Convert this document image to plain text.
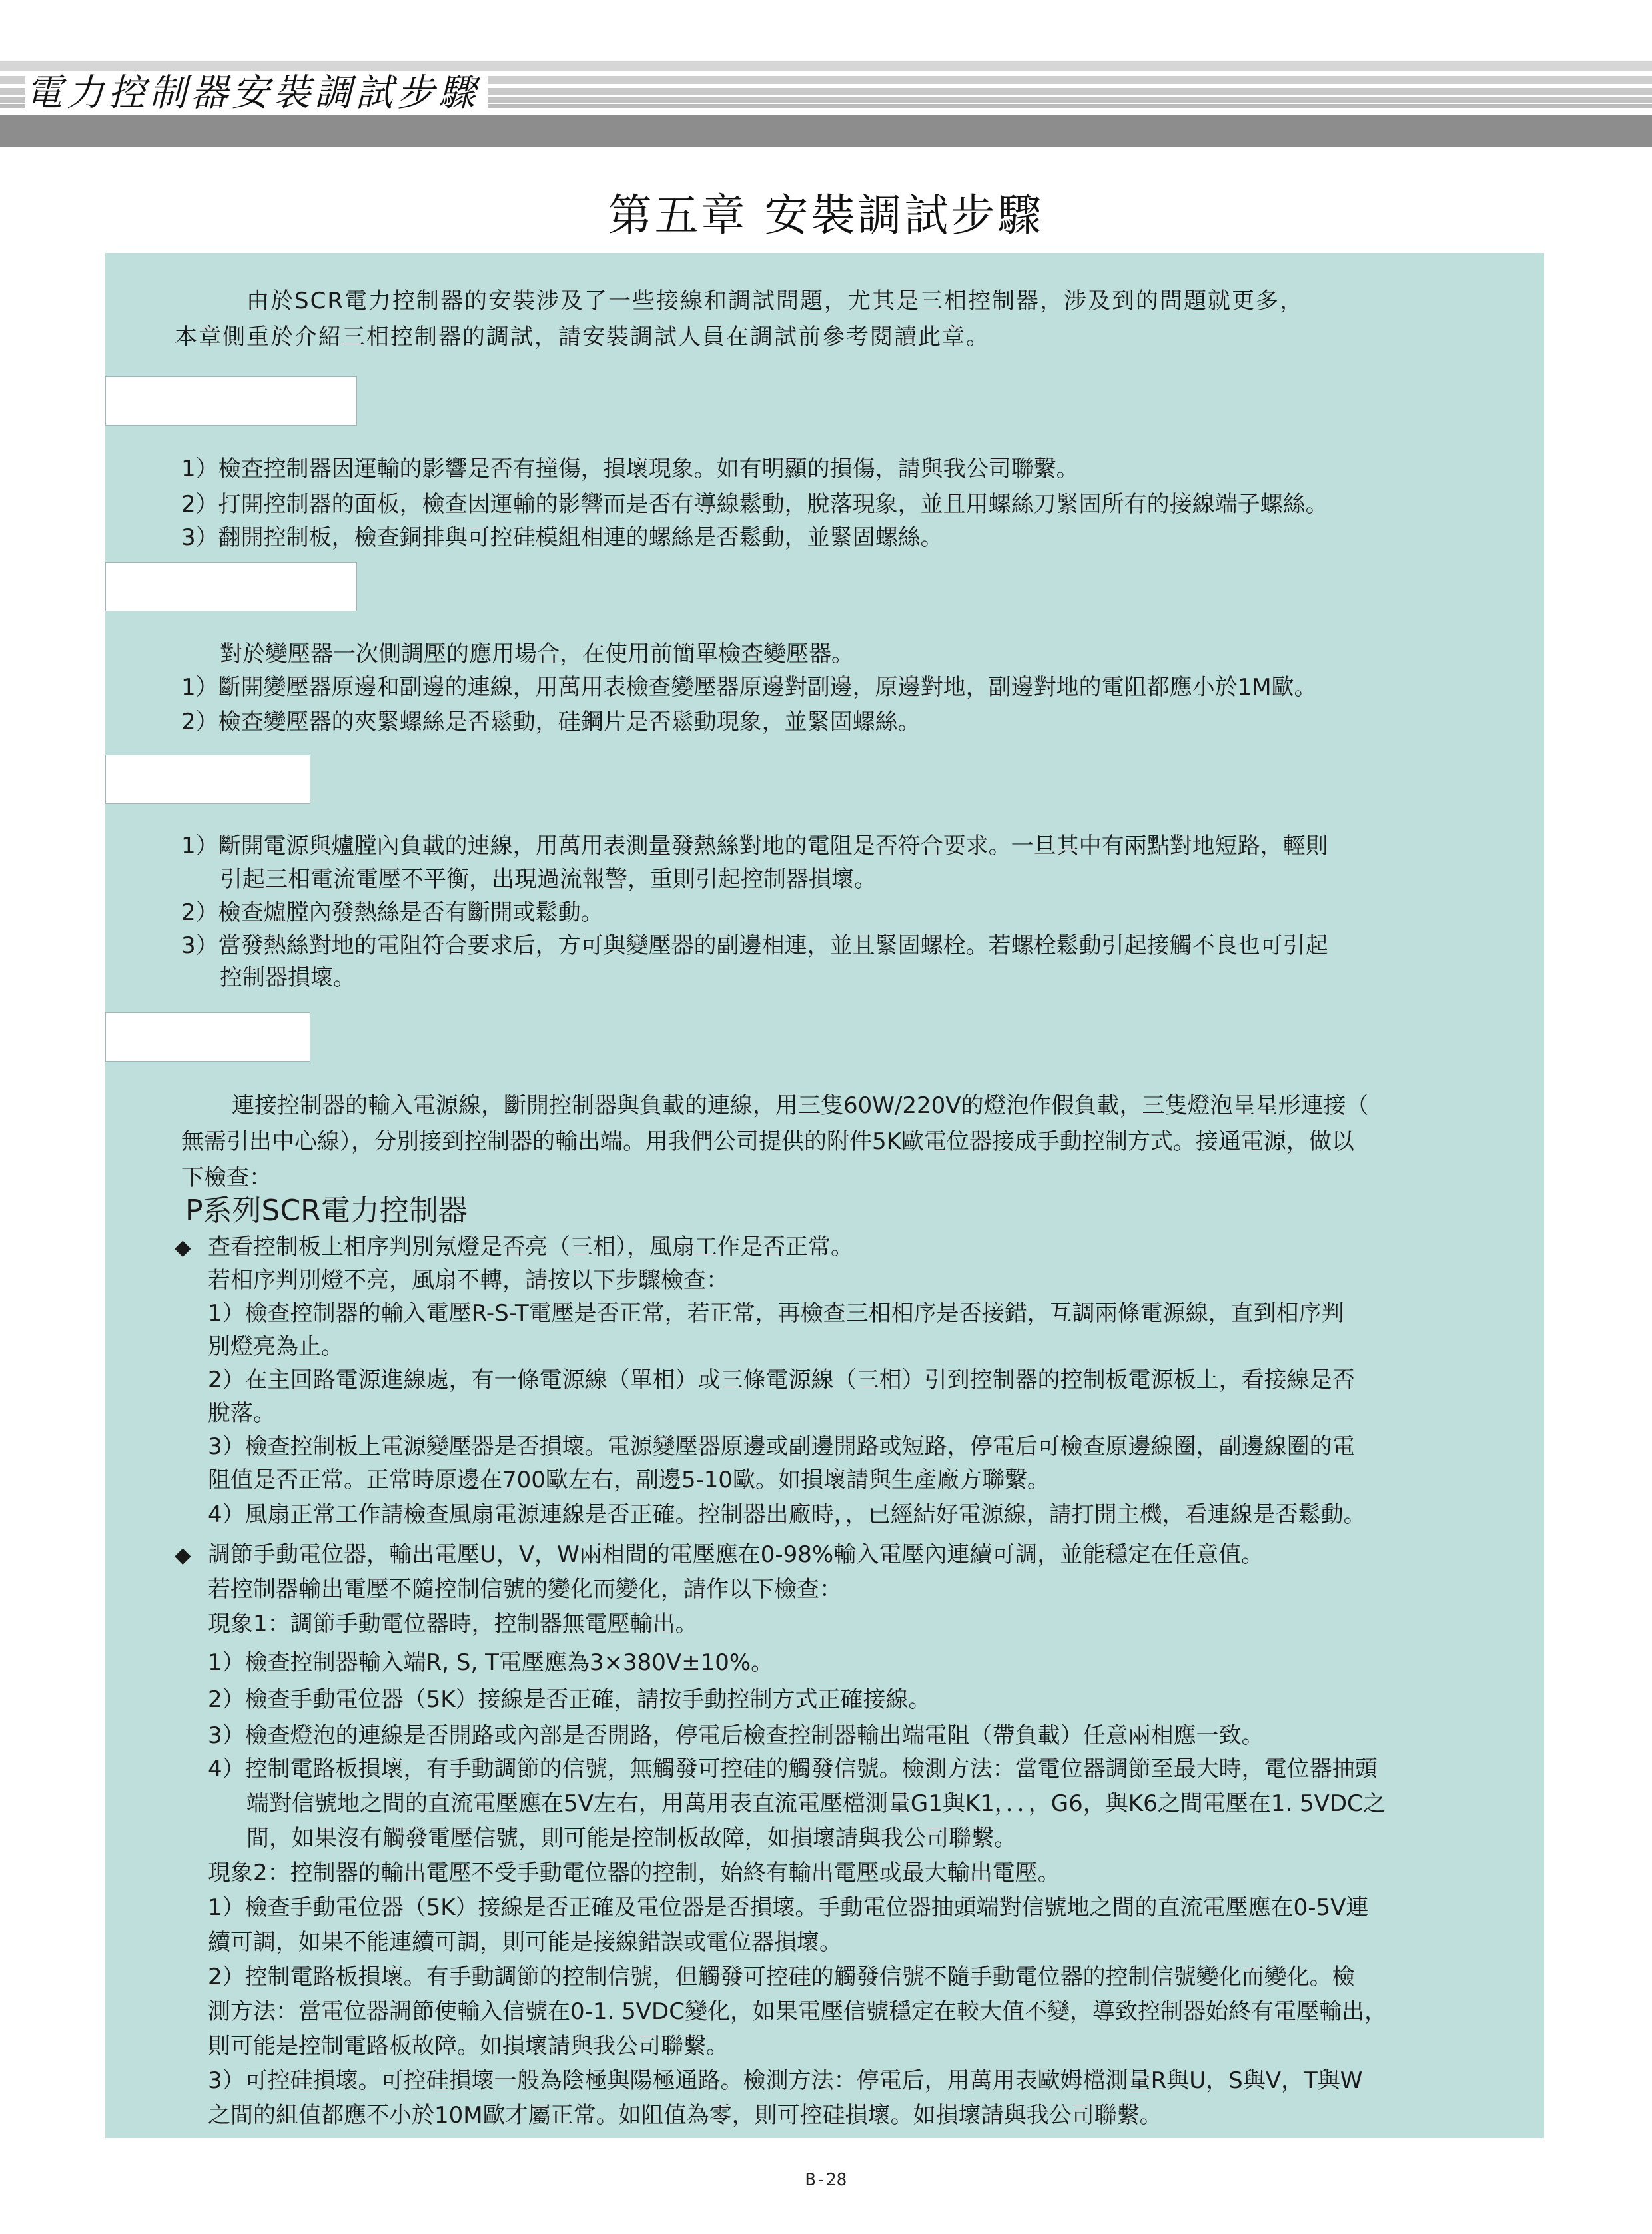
電力控制器安裝調試步驟
第五章 安裝調試步驟
由於SCR電力控制器的安裝涉及了一些接線和調試問題，尤其是三相控制器，涉及到的問題就更多，
本章側重於介紹三相控制器的調試，請安裝調試人員在調試前參考閱讀此章。
1）檢查控制器因運輸的影響是否有撞傷，損壞現象。如有明顯的損傷，請與我公司聯繫。
2）打開控制器的面板，檢查因運輸的影響而是否有導線鬆動，脫落現象，並且用螺絲刀緊固所有的接線端子螺絲。
3）翻開控制板，檢查銅排與可控硅模組相連的螺絲是否鬆動，並緊固螺絲。
對於變壓器一次側調壓的應用場合，在使用前簡單檢查變壓器。
1）斷開變壓器原邊和副邊的連線，用萬用表檢查變壓器原邊對副邊，原邊對地，副邊對地的電阻都應小於1M歐。
2）檢查變壓器的夾緊螺絲是否鬆動，硅鋼片是否鬆動現象，並緊固螺絲。
1）斷開電源與爐膛內負載的連線，用萬用表測量發熱絲對地的電阻是否符合要求。一旦其中有兩點對地短路，輕則
引起三相電流電壓不平衡，出現過流報警，重則引起控制器損壞。
2）檢查爐膛內發熱絲是否有斷開或鬆動。
3）當發熱絲對地的電阻符合要求后，方可與變壓器的副邊相連，並且緊固螺栓。若螺栓鬆動引起接觸不良也可引起
控制器損壞。
連接控制器的輸入電源線，斷開控制器與負載的連線，用三隻60W/220V的燈泡作假負載，三隻燈泡呈星形連接（
無需引出中心線），分別接到控制器的輸出端。用我們公司提供的附件5K歐電位器接成手動控制方式。接通電源，做以
下檢查：
P系列SCR電力控制器
◆ 查看控制板上相序判別氖燈是否亮（三相），風扇工作是否正常。
若相序判別燈不亮，風扇不轉，請按以下步驟檢查：
1）檢查控制器的輸入電壓R-S-T電壓是否正常，若正常，再檢查三相相序是否接錯，互調兩條電源線，直到相序判
別燈亮為止。
2）在主回路電源進線處，有一條電源線（單相）或三條電源線（三相）引到控制器的控制板電源板上，看接線是否
脫落。
3）檢查控制板上電源變壓器是否損壞。電源變壓器原邊或副邊開路或短路，停電后可檢查原邊線圈，副邊線圈的電
阻值是否正常。正常時原邊在700歐左右，副邊5-10歐。如損壞請與生產廠方聯繫。
4）風扇正常工作請檢查風扇電源連線是否正確。控制器出廠時，，已經結好電源線，請打開主機，看連線是否鬆動。
◆ 調節手動電位器，輸出電壓U，V，W兩相間的電壓應在0-98%輸入電壓內連續可調，並能穩定在任意值。
若控制器輸出電壓不隨控制信號的變化而變化，請作以下檢查：
現象1：調節手動電位器時，控制器無電壓輸出。
1）檢查控制器輸入端R, S, T電壓應為3×380V±10%。
2）檢查手動電位器（5K）接線是否正確，請按手動控制方式正確接線。
3）檢查燈泡的連線是否開路或內部是否開路，停電后檢查控制器輸出端電阻（帶負載）任意兩相應一致。
4）控制電路板損壞，有手動調節的信號，無觸發可控硅的觸發信號。檢測方法：當電位器調節至最大時，電位器抽頭
端對信號地之間的直流電壓應在5V左右，用萬用表直流電壓檔測量G1與K1，．．，G6，與K6之間電壓在1. 5VDC之
間，如果沒有觸發電壓信號，則可能是控制板故障，如損壞請與我公司聯繫。
現象2：控制器的輸出電壓不受手動電位器的控制，始終有輸出電壓或最大輸出電壓。
1）檢查手動電位器（5K）接線是否正確及電位器是否損壞。手動電位器抽頭端對信號地之間的直流電壓應在0-5V連
續可調，如果不能連續可調，則可能是接線錯誤或電位器損壞。
2）控制電路板損壞。有手動調節的控制信號，但觸發可控硅的觸發信號不隨手動電位器的控制信號變化而變化。檢
測方法：當電位器調節使輸入信號在0-1. 5VDC變化，如果電壓信號穩定在較大值不變，導致控制器始終有電壓輸出，
則可能是控制電路板故障。如損壞請與我公司聯繫。
3）可控硅損壞。可控硅損壞一般為陰極與陽極通路。檢測方法：停電后，用萬用表歐姆檔測量R與U，S與V，T與W
之間的組值都應不小於10M歐才屬正常。如阻值為零，則可控硅損壞。如損壞請與我公司聯繫。
B-28
